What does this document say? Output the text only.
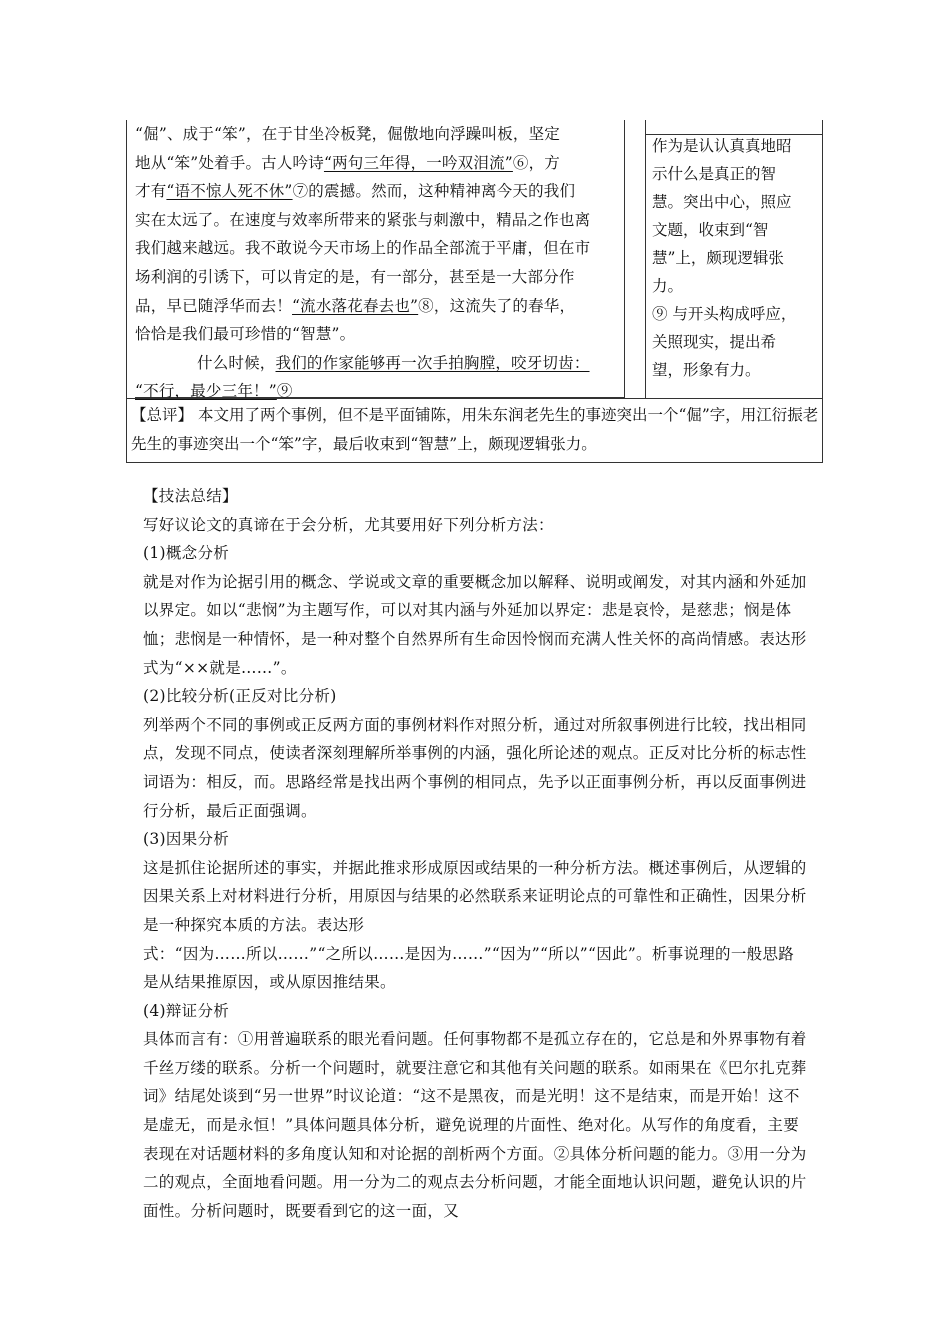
“倔”、成于“笨”，在于甘坐冷板凳，倔傲地向浮躁叫板，坚定

地从“笨”处着手。古人吟诗“两句三年得，一吟双泪流”⑥，方

才有“语不惊人死不休”⑦的震撼。然而，这种精神离今天的我们

实在太远了。在速度与效率所带来的紧张与刺激中，精品之作也离

我们越来越远。我不敢说今天市场上的作品全部流于平庸，但在市

场利润的引诱下，可以肯定的是，有一部分，甚至是一大部分作

品，早已随浮华而去！“流水落花春去也”⑧，这流失了的春华，

恰恰是我们最可珍惜的“智慧”。

什么时候，我们的作家能够再一次手拍胸膛，咬牙切齿：

“不行，最少三年！”⑨

作为是认认真真地昭

示什么是真正的智

慧。突出中心，照应

文题，收束到“智

慧”上，颇现逻辑张

力。

⑨ 与开头构成呼应，

关照现实，提出希

望，形象有力。

【总评】 本文用了两个事例，但不是平面铺陈，用朱东润老先生的事迹突出一个“倔”字，用江衍振老先生的事迹突出一个“笨”字，最后收束到“智慧”上，颇现逻辑张力。

【技法总结】

写好议论文的真谛在于会分析，尤其要用好下列分析方法：

(1)概念分析

就是对作为论据引用的概念、学说或文章的重要概念加以解释、说明或阐发，对其内涵和外延加以界定。如以“悲悯”为主题写作，可以对其内涵与外延加以界定：悲是哀怜，是慈悲；悯是体恤；悲悯是一种情怀，是一种对整个自然界所有生命因怜悯而充满人性关怀的高尚情感。表达形式为“××就是……”。

(2)比较分析(正反对比分析)

列举两个不同的事例或正反两方面的事例材料作对照分析，通过对所叙事例进行比较，找出相同点，发现不同点，使读者深刻理解所举事例的内涵，强化所论述的观点。正反对比分析的标志性词语为：相反，而。思路经常是找出两个事例的相同点，先予以正面事例分析，再以反面事例进行分析，最后正面强调。

(3)因果分析

这是抓住论据所述的事实，并据此推求形成原因或结果的一种分析方法。概述事例后，从逻辑的因果关系上对材料进行分析，用原因与结果的必然联系来证明论点的可靠性和正确性，因果分析是一种探究本质的方法。表达形

式：“因为……所以……”“之所以……是因为……”“因为”“所以”“因此”。析事说理的一般思路是从结果推原因，或从原因推结果。

(4)辩证分析

具体而言有：①用普遍联系的眼光看问题。任何事物都不是孤立存在的，它总是和外界事物有着千丝万缕的联系。分析一个问题时，就要注意它和其他有关问题的联系。如雨果在《巴尔扎克葬词》结尾处谈到“另一世界”时议论道：“这不是黑夜，而是光明！这不是结束，而是开始！这不是虚无，而是永恒！”具体问题具体分析，避免说理的片面性、绝对化。从写作的角度看，主要表现在对话题材料的多角度认知和对论据的剖析两个方面。②具体分析问题的能力。③用一分为二的观点，全面地看问题。用一分为二的观点去分析问题，才能全面地认识问题，避免认识的片面性。分析问题时，既要看到它的这一面，又
